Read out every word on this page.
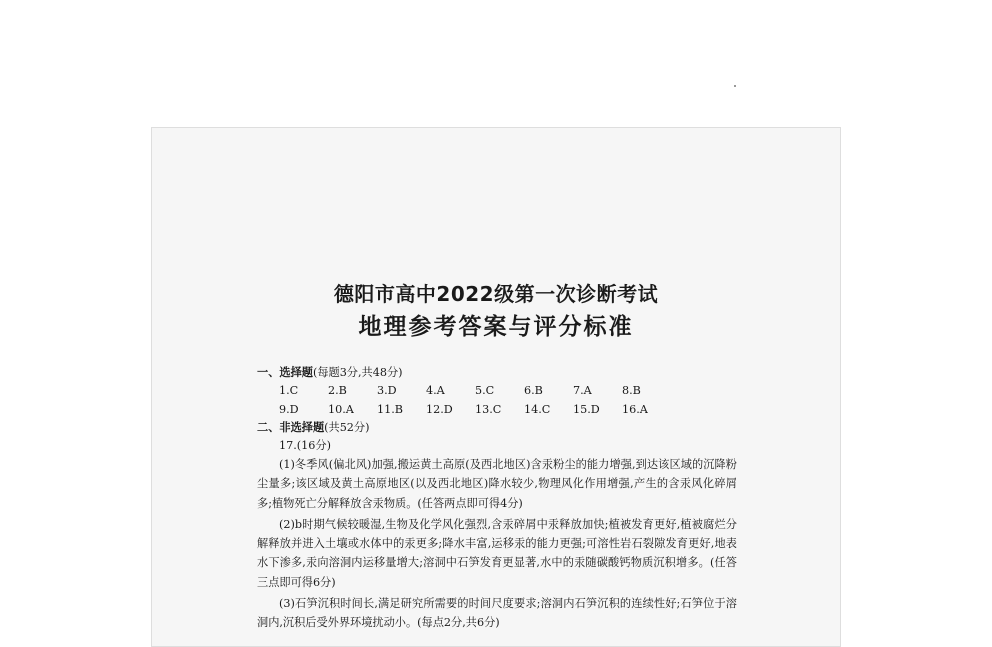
德阳市高中2022级第一次诊断考试
地理参考答案与评分标准
一、选择题(每题3分,共48分)
1.C	2.B	3.D	4.A	5.C	6.B	7.A	8.B
9.D	10.A	11.B	12.D	13.C	14.C	15.D	16.A
二、非选择题(共52分)
17.(16分)

(1)冬季风(偏北风)加强,搬运黄土高原(及西北地区)含汞粉尘的能力增强,到达该区域的沉降粉尘量多;该区域及黄土高原地区(以及西北地区)降水较少,物理风化作用增强,产生的含汞风化碎屑多;植物死亡分解释放含汞物质。(任答两点即可得4分)

(2)b时期气候较暖湿,生物及化学风化强烈,含汞碎屑中汞释放加快;植被发育更好,植被腐烂分解释放并进入土壤或水体中的汞更多;降水丰富,运移汞的能力更强;可溶性岩石裂隙发育更好,地表水下渗多,汞向溶洞内运移量增大;溶洞中石笋发育更显著,水中的汞随碳酸钙物质沉积增多。(任答三点即可得6分)

(3)石笋沉积时间长,满足研究所需要的时间尺度要求;溶洞内石笋沉积的连续性好;石笋位于溶洞内,沉积后受外界环境扰动小。(每点2分,共6分)
